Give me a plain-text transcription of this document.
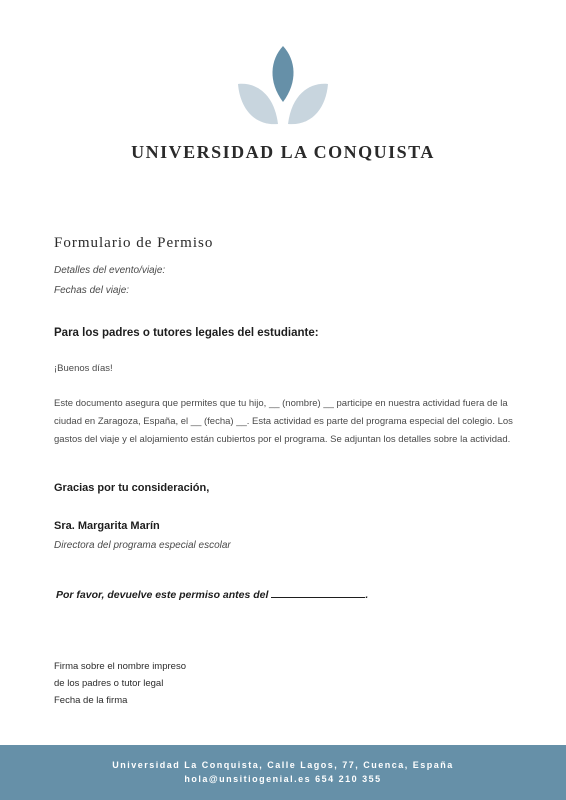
UNIVERSIDAD LA CONQUISTA
Formulario de Permiso
Detalles del evento/viaje:
Fechas del viaje:
Para los padres o tutores legales del estudiante:
¡Buenos días!
Este documento asegura que permites que tu hijo, __ (nombre) __ participe en nuestra actividad fuera de la ciudad en Zaragoza, España, el __ (fecha) __. Esta actividad es parte del programa especial del colegio. Los gastos del viaje y el alojamiento están cubiertos por el programa. Se adjuntan los detalles sobre la actividad.
Gracias por tu consideración,
Sra. Margarita Marín
Directora del programa especial escolar
Por favor, devuelve este permiso antes del	.
Firma sobre el nombre impreso
de los padres o tutor legal
Fecha de la firma
Universidad La Conquista, Calle Lagos, 77, Cuenca, España
hola@unsitiogenial.es 654 210 355
